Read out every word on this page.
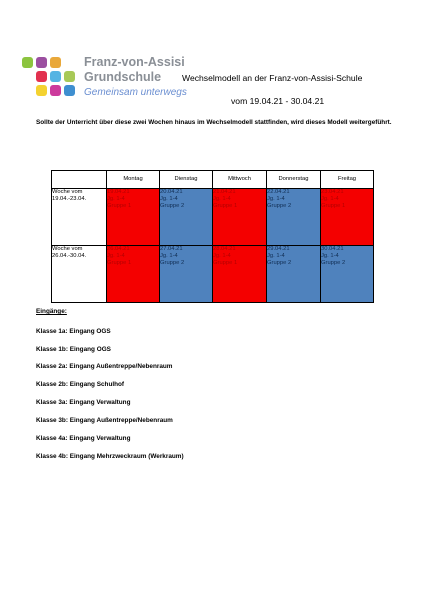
Franz-von-Assisi
Grundschule
Gemeinsam unterwegs
Wechselmodell an der Franz-von-Assisi-Schule
vom 19.04.21 - 30.04.21
Sollte der Unterricht über diese zwei Wochen hinaus im Wechselmodell stattfinden, wird dieses Modell weitergeführt.
	Montag	Dienstag	Mittwoch	Donnerstag	Freitag

Woche vom
19.04.-23.04.	19.04.21
Jg. 1-4
Gruppe 1	20.04.21
Jg. 1-4
Gruppe 2	21.04.21
Jg. 1-4
Gruppe 1	22.04.21
Jg. 1-4
Gruppe 2	23.04.21
Jg. 1-4
Gruppe 1

Woche vom
26.04.-30.04.	26.04.21
Jg. 1-4
Gruppe 1	27.04.21
Jg. 1-4
Gruppe 2	28.04.21
Jg. 1-4
Gruppe 1	29.04.21
Jg. 1-4
Gruppe 2	30.04.21
Jg. 1-4
Gruppe 2
Eingänge:
Klasse 1a: Eingang OGS
Klasse 1b: Eingang OGS
Klasse 2a: Eingang Außentreppe/Nebenraum
Klasse 2b: Eingang Schulhof
Klasse 3a: Eingang Verwaltung
Klasse 3b: Eingang Außentreppe/Nebenraum
Klasse 4a: Eingang Verwaltung
Klasse 4b: Eingang Mehrzweckraum (Werkraum)
